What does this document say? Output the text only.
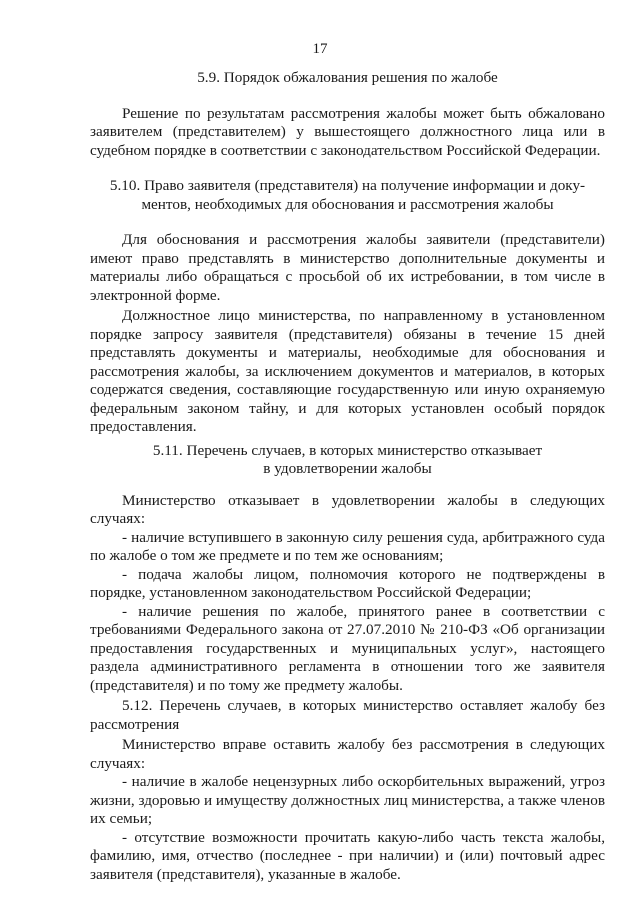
17

5.9. Порядок обжалования решения по жалобе

Решение по результатам рассмотрения жалобы может быть обжаловано заявителем (представителем) у вышестоящего должностного лица или в судебном порядке в соответствии с законодательством Российской Федерации.

5.10. Право заявителя (представителя) на получение информации и доку-
ментов, необходимых для обоснования и рассмотрения жалобы

Для обоснования и рассмотрения жалобы заявители (представители) имеют право представлять в министерство дополнительные документы и материалы либо обращаться с просьбой об их истребовании, в том числе в электронной форме.

Должностное лицо министерства, по направленному в установленном порядке запросу заявителя (представителя) обязаны в течение 15 дней представлять документы и материалы, необходимые для обоснования и рассмотрения жалобы, за исключением документов и материалов, в которых содержатся сведения, составляющие государственную или иную охраняемую федеральным законом тайну, и для которых установлен особый порядок предоставления.

5.11. Перечень случаев, в которых министерство отказывает
в удовлетворении жалобы

Министерство отказывает в удовлетворении жалобы в следующих случаях:

- наличие вступившего в законную силу решения суда, арбитражного суда по жалобе о том же предмете и по тем же основаниям;

- подача жалобы лицом, полномочия которого не подтверждены в порядке, установленном законодательством Российской Федерации;

- наличие решения по жалобе, принятого ранее в соответствии с требованиями Федерального закона от 27.07.2010 № 210-ФЗ «Об организации предоставления государственных и муниципальных услуг», настоящего раздела административного регламента в отношении того же заявителя (представителя) и по тому же предмету жалобы.

5.12. Перечень случаев, в которых министерство оставляет жалобу без рассмотрения

Министерство вправе оставить жалобу без рассмотрения в следующих случаях:

- наличие в жалобе нецензурных либо оскорбительных выражений, угроз жизни, здоровью и имуществу должностных лиц министерства, а также членов их семьи;

- отсутствие возможности прочитать какую-либо часть текста жалобы, фамилию, имя, отчество (последнее - при наличии) и (или) почтовый адрес заявителя (представителя), указанные в жалобе.
